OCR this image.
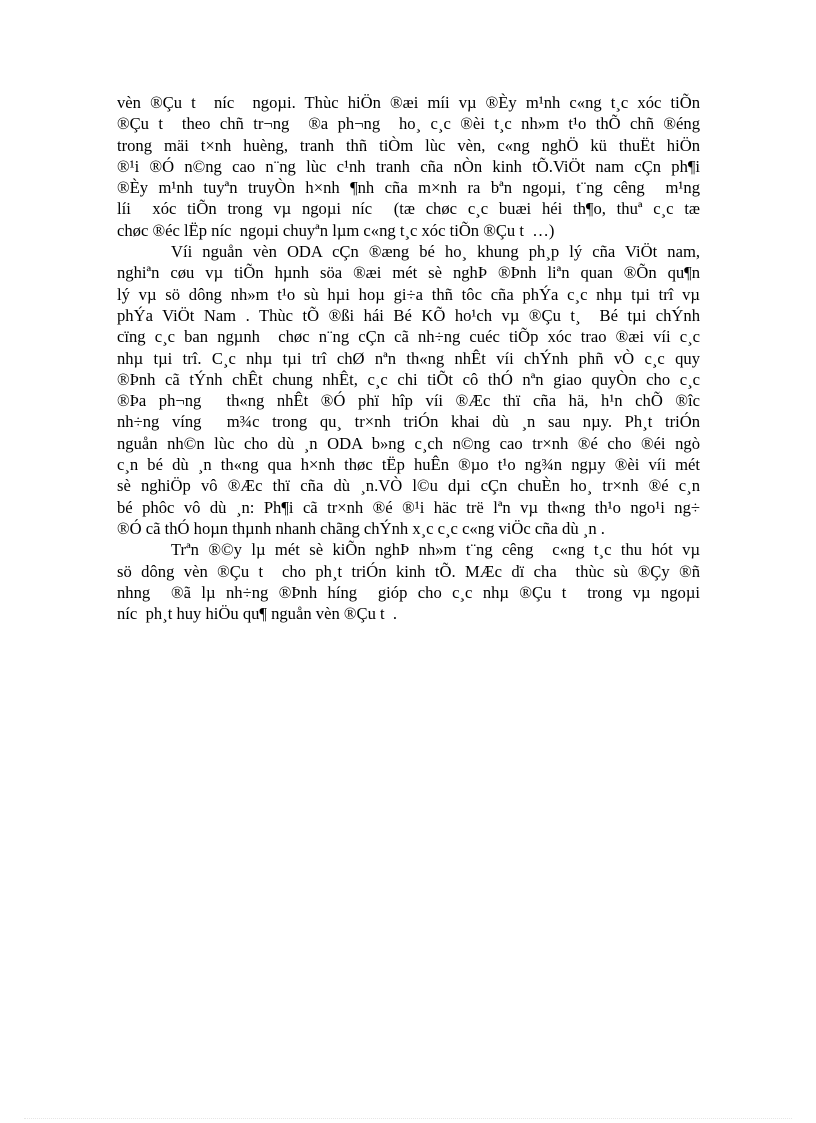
vèn ®Çu t  níc  ngoµi. Thùc hiÖn ®æi míi vµ ®Èy m¹nh c«ng t¸c xóc tiÕn
®Çu t  theo chñ tr¬ng  ®a ph¬ng  ho¸ c¸c ®èi t¸c nh»m t¹o thÕ chñ ®éng
trong mäi t×nh huèng, tranh thñ tiÒm lùc vèn, c«ng nghÖ kü thuËt hiÖn
®¹i ®Ó n©ng cao n¨ng lùc c¹nh tranh cña nÒn kinh tÕ.ViÖt nam cÇn ph¶i
®Èy m¹nh tuyªn truyÒn h×nh ¶nh cña m×nh ra bªn ngoµi, t¨ng cêng  m¹ng
líi  xóc tiÕn trong vµ ngoµi níc  (tæ chøc c¸c buæi héi th¶o, thuª c¸c tæ
chøc ®éc lËp níc  ngoµi chuyªn lµm c«ng t¸c xóc tiÕn ®Çu t  …)
Víi nguån vèn ODA cÇn ®æng bé ho¸ khung ph¸p lý cña ViÖt nam,
nghiªn cøu vµ tiÕn hµnh söa ®æi mét sè nghÞ ®Þnh liªn quan ®Õn qu¶n
lý vµ sö dông nh»m t¹o sù hµi hoµ gi÷a thñ tôc cña phÝa c¸c nhµ tµi trî vµ
phÝa ViÖt Nam . Thùc tÕ ®ßi hái Bé KÕ ho¹ch vµ ®Çu t¸  Bé tµi chÝnh
cïng c¸c ban ngµnh  chøc n¨ng cÇn cã nh÷ng cuéc tiÕp xóc trao ®æi víi c¸c
nhµ tµi trî. C¸c nhµ tµi trî chØ nªn th«ng nhÊt víi chÝnh phñ vÒ c¸c quy
®Þnh cã tÝnh chÊt chung nhÊt, c¸c chi tiÕt cô thÓ nªn giao quyÒn cho c¸c
®Þa ph¬ng  th«ng nhÊt ®Ó phï hîp víi ®Æc thï cña hä, h¹n chÕ ®îc
nh÷ng víng  m¾c trong qu¸ tr×nh triÓn khai dù ¸n sau nµy. Ph¸t triÓn
nguån nh©n lùc cho dù ¸n ODA b»ng c¸ch n©ng cao tr×nh ®é cho ®éi ngò
c¸n bé dù ¸n th«ng qua h×nh thøc tËp huÊn ®µo t¹o ng¾n ngµy ®èi víi mét
sè nghiÖp vô ®Æc thï cña dù ¸n.VÒ l©u dµi cÇn chuÈn ho¸ tr×nh ®é c¸n
bé phôc vô dù ¸n: Ph¶i cã tr×nh ®é ®¹i häc trë lªn vµ th«ng th¹o ngo¹i ng÷
®Ó cã thÓ hoµn thµnh nhanh chãng chÝnh x¸c c¸c c«ng viÖc cña dù ¸n .
Trªn ®©y lµ mét sè kiÕn nghÞ nh»m t¨ng cêng  c«ng t¸c thu hót vµ
sö dông vèn ®Çu t  cho ph¸t triÓn kinh tÕ. MÆc dï cha  thùc sù ®Çy ®ñ
nhng  ®ã lµ nh÷ng ®Þnh híng  gióp cho c¸c nhµ ®Çu t  trong vµ ngoµi
níc  ph¸t huy hiÖu qu¶ nguån vèn ®Çu t  .
